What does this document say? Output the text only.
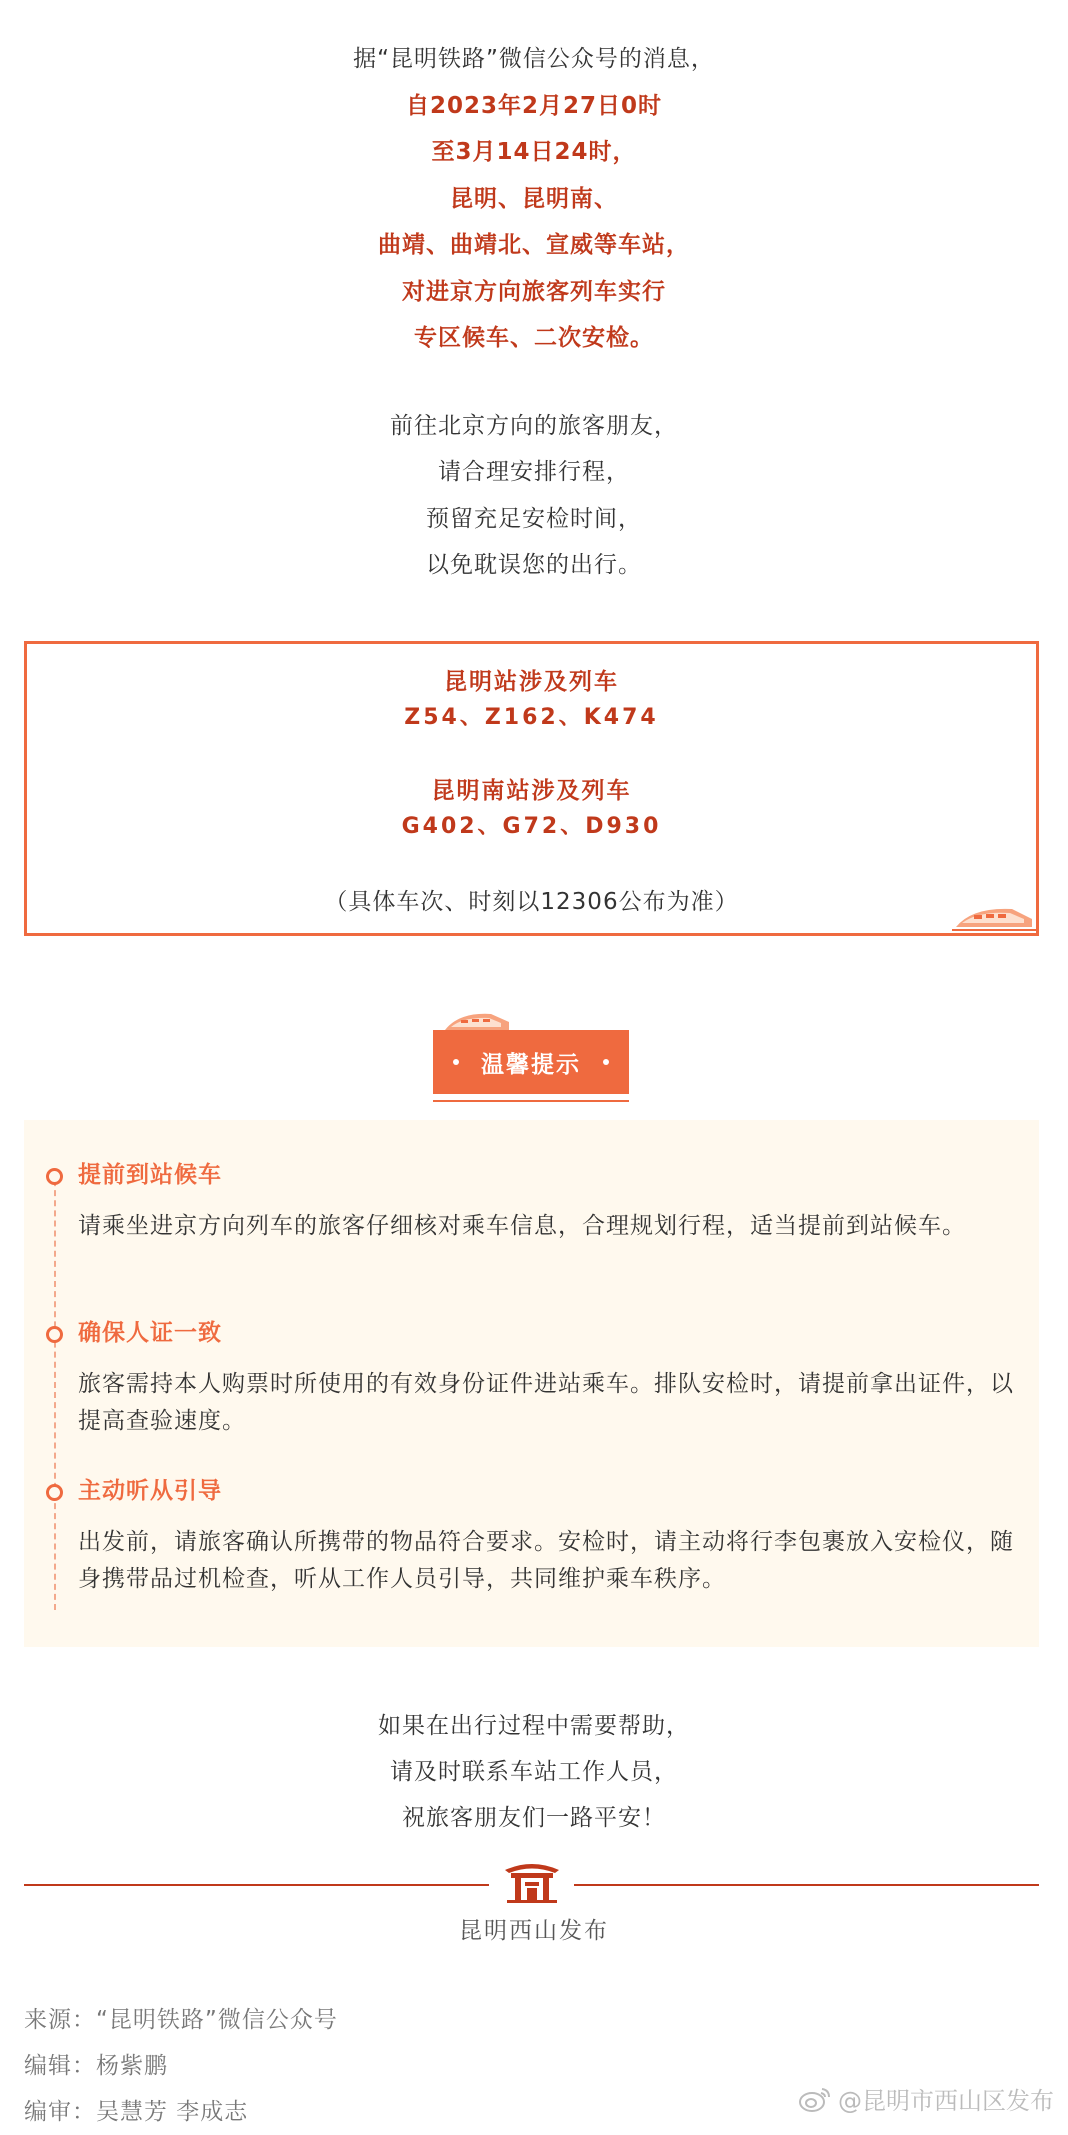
据“昆明铁路”微信公众号的消息，

自2023年2月27日0时

至3月14日24时，

昆明、昆明南、

曲靖、曲靖北、宣威等车站，

对进京方向旅客列车实行

专区候车、二次安检。

前往北京方向的旅客朋友，

请合理安排行程，

预留充足安检时间，

以免耽误您的出行。

昆明站涉及列车
Z54、Z162、K474
昆明南站涉及列车
G402、G72、D930
（具体车次、时刻以12306公布为准）
温馨提示
提前到站候车
请乘坐进京方向列车的旅客仔细核对乘车信息，合理规划行程，适当提前到站候车。
确保人证一致
旅客需持本人购票时所使用的有效身份证件进站乘车。排队安检时，请提前拿出证件，以提高查验速度。
主动听从引导
出发前，请旅客确认所携带的物品符合要求。安检时，请主动将行李包裹放入安检仪，随身携带品过机检查，听从工作人员引导，共同维护乘车秩序。

如果在出行过程中需要帮助，

请及时联系车站工作人员，

祝旅客朋友们一路平安！

昆明西山发布
来源：“昆明铁路”微信公众号
编辑：杨紫鹏
编审：吴慧芳 李成志	@昆明市西山区发布
